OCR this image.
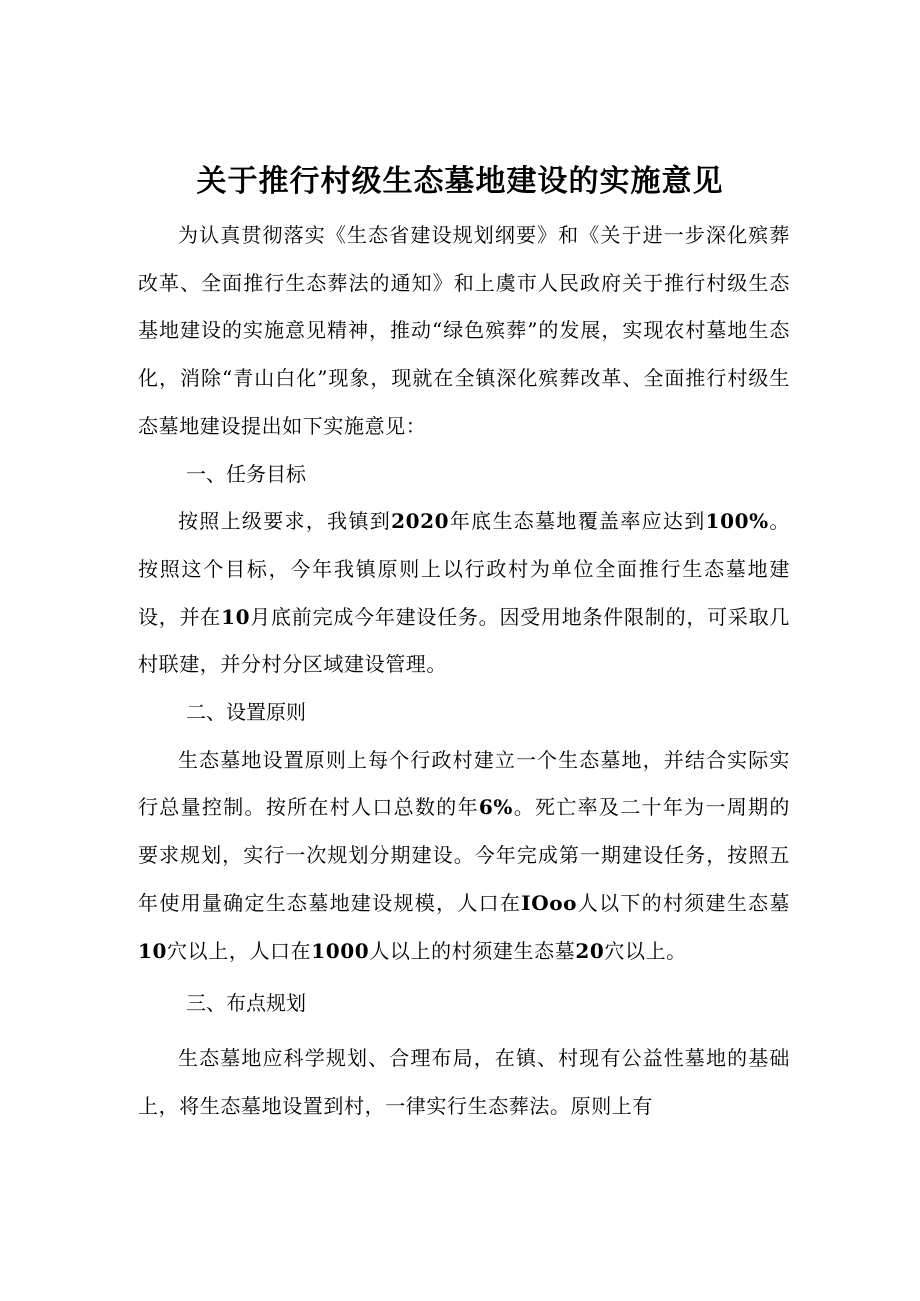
关于推行村级生态墓地建设的实施意见

为认真贯彻落实《生态省建设规划纲要》和《关于进一步深化殡葬改革、全面推行生态葬法的通知》和上虞市人民政府关于推行村级生态基地建设的实施意见精神，推动“绿色殡葬”的发展，实现农村墓地生态化，消除“青山白化”现象，现就在全镇深化殡葬改革、全面推行村级生态墓地建设提出如下实施意见：

一、任务目标

按照上级要求，我镇到2020年底生态墓地覆盖率应达到100%。按照这个目标，今年我镇原则上以行政村为单位全面推行生态墓地建设，并在10月底前完成今年建设任务。因受用地条件限制的，可采取几村联建，并分村分区域建设管理。

二、设置原则

生态墓地设置原则上每个行政村建立一个生态墓地，并结合实际实行总量控制。按所在村人口总数的年6%。死亡率及二十年为一周期的要求规划，实行一次规划分期建设。今年完成第一期建设任务，按照五年使用量确定生态墓地建设规模，人口在IOoo人以下的村须建生态墓10穴以上，人口在1000人以上的村须建生态墓20穴以上。

三、布点规划

生态墓地应科学规划、合理布局，在镇、村现有公益性墓地的基础上，将生态墓地设置到村，一律实行生态葬法。原则上有
